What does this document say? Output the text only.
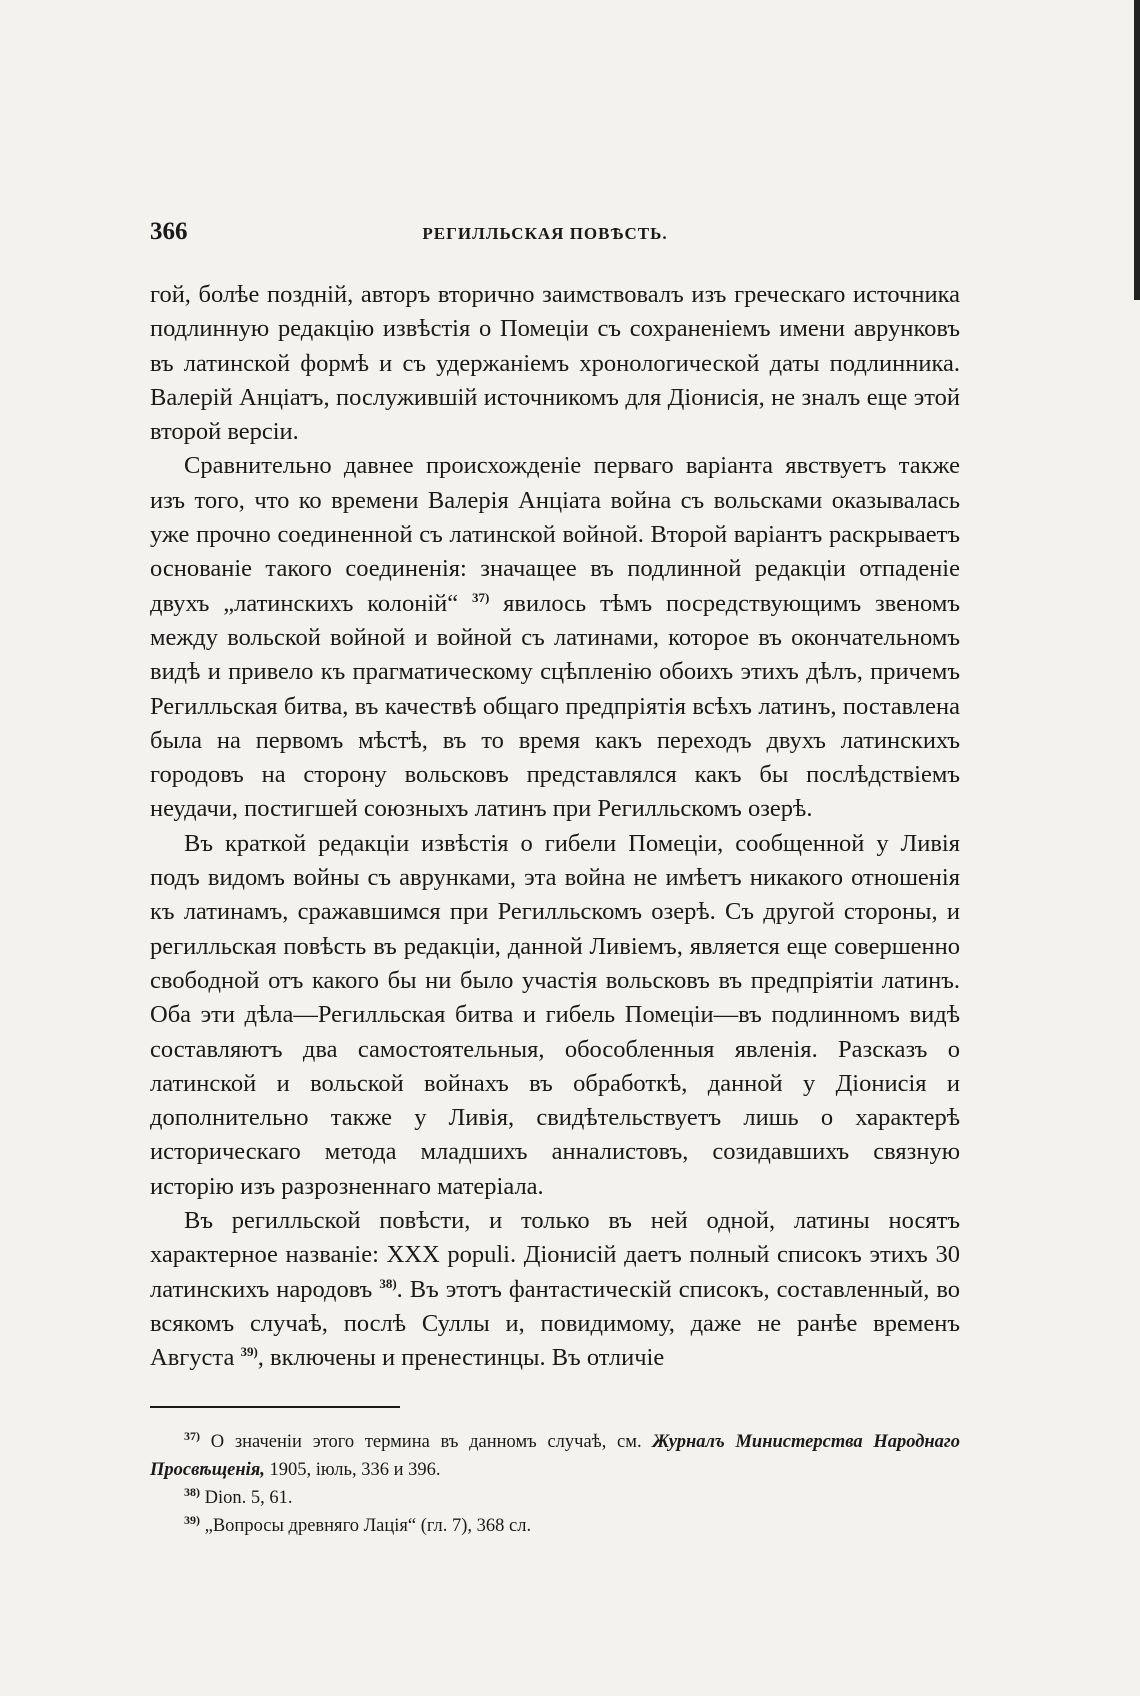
366	РЕГИЛЛЬСКАЯ ПОВѢСТЬ.

гой, болѣе поздній, авторъ вторично заимствовалъ изъ греческаго источника подлинную редакцію извѣстія о Помеціи съ сохраненіемъ имени аврунковъ въ латинской формѣ и съ удержаніемъ хронологической даты подлинника. Валерій Анціатъ, послужившій источникомъ для Діонисія, не зналъ еще этой второй версіи.

Сравнительно давнее происхожденіе перваго варіанта явствуетъ также изъ того, что ко времени Валерія Анціата война съ вольсками оказывалась уже прочно соединенной съ латинской войной. Второй варіантъ раскрываетъ основаніе такого соединенія: значащее въ подлинной редакціи отпаденіе двухъ „латинскихъ колоній“ $^{37)}$ явилось тѣмъ посредствующимъ звеномъ между вольской войной и войной съ латинами, которое въ окончательномъ видѣ и привело къ прагматическому сцѣпленію обоихъ этихъ дѣлъ, причемъ Регилльская битва, въ качествѣ общаго предпріятія всѣхъ латинъ, поставлена была на первомъ мѣстѣ, въ то время какъ переходъ двухъ латинскихъ городовъ на сторону вольсковъ представлялся какъ бы послѣдствіемъ неудачи, постигшей союзныхъ латинъ при Регилльскомъ озерѣ.

Въ краткой редакціи извѣстія о гибели Помеціи, сообщенной у Ливія подъ видомъ войны съ аврунками, эта война не имѣетъ никакого отношенія къ латинамъ, сражавшимся при Регилльскомъ озерѣ. Съ другой стороны, и регилльская повѣсть въ редакціи, данной Ливіемъ, является еще совершенно свободной отъ какого бы ни было участія вольсковъ въ предпріятіи латинъ. Оба эти дѣла—Регилльская битва и гибель Помеціи—въ подлинномъ видѣ составляютъ два самостоятельныя, обособленныя явленія. Разсказъ о латинской и вольской войнахъ въ обработкѣ, данной у Діонисія и дополнительно также у Ливія, свидѣтельствуетъ лишь о характерѣ историческаго метода младшихъ анналистовъ, созидавшихъ связную исторію изъ разрозненнаго матеріала.

Въ регилльской повѣсти, и только въ ней одной, латины носятъ характерное названіе: XXX populi. Діонисій даетъ полный списокъ этихъ 30 латинскихъ народовъ $^{38)}$. Въ этотъ фантастическій списокъ, составленный, во всякомъ случаѣ, послѣ Суллы и, повидимому, даже не ранѣе временъ Августа $^{39)}$, включены и пренестинцы. Въ отличіе

$^{37)}$ О значеніи этого термина въ данномъ случаѣ, см. Журналъ Министерства Народнаго Просвѣщенія, 1905, іюль, 336 и 396.

$^{38)}$ Dion. 5, 61.

$^{39)}$ „Вопросы древняго Лація“ (гл. 7), 368 сл.
